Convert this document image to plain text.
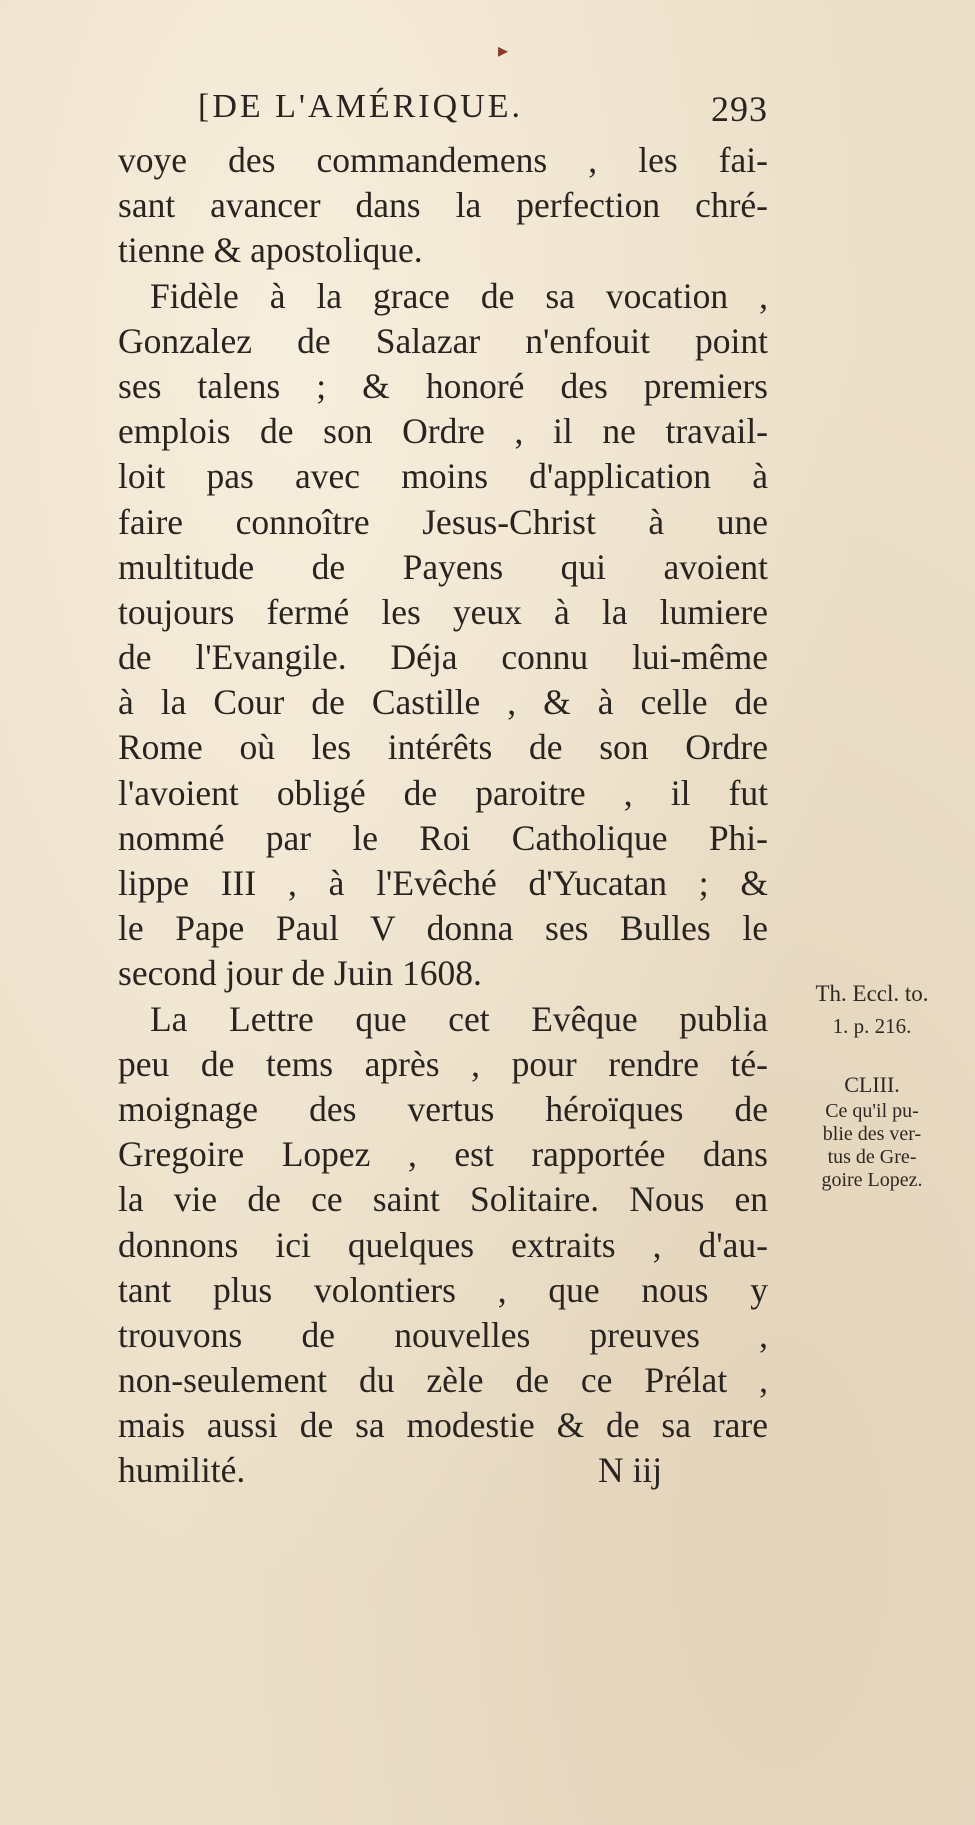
▸
[DE L'AMÉRIQUE.	293
voye des commandemens , les fai-
sant avancer dans la perfection chré-
tienne & apostolique.
Fidèle à la grace de sa vocation ,
Gonzalez de Salazar n'enfouit point
ses talens ; & honoré des premiers
emplois de son Ordre , il ne travail-
loit pas avec moins d'application à
faire connoître Jesus-Christ à une
multitude de Payens qui avoient
toujours fermé les yeux à la lumiere
de l'Evangile. Déja connu lui-même
à la Cour de Castille , & à celle de
Rome où les intérêts de son Ordre
l'avoient obligé de paroitre , il fut
nommé par le Roi Catholique Phi-
lippe III , à l'Evêché d'Yucatan ; &
le Pape Paul V donna ses Bulles le
second jour de Juin 1608.
La Lettre que cet Evêque publia
peu de tems après , pour rendre té-
moignage des vertus héroïques de
Gregoire Lopez , est rapportée dans
la vie de ce saint Solitaire. Nous en
donnons ici quelques extraits , d'au-
tant plus volontiers , que nous y
trouvons de nouvelles preuves ,
non-seulement du zèle de ce Prélat ,
mais aussi de sa modestie & de sa rare
humilité.	N iij
Th. Eccl. to.
1. p. 216.
CLIII.
Ce qu'il pu-
blie des ver-
tus de Gre-
goire Lopez.
